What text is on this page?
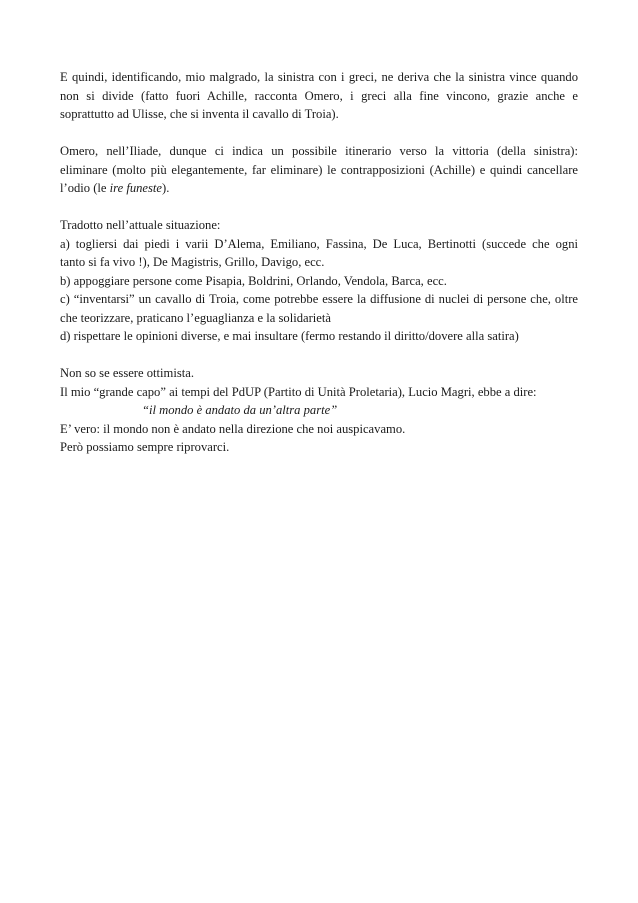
E quindi, identificando, mio malgrado, la sinistra con i greci, ne deriva che la sinistra vince quando
non si divide (fatto fuori Achille, racconta Omero, i greci alla fine vincono, grazie anche e
soprattutto ad Ulisse, che si inventa il cavallo di Troia).

Omero, nell’Iliade, dunque ci indica un possibile itinerario verso la vittoria (della sinistra):
eliminare (molto più elegantemente, far eliminare) le contrapposizioni (Achille) e quindi cancellare
l’odio (le ire funeste).

Tradotto nell’attuale situazione:
a) togliersi dai piedi i varii D’Alema, Emiliano, Fassina, De Luca, Bertinotti (succede che ogni
tanto si fa vivo !), De Magistris, Grillo, Davigo, ecc.
b) appoggiare persone come Pisapia, Boldrini, Orlando, Vendola, Barca, ecc.
c) “inventarsi” un cavallo di Troia, come potrebbe essere la diffusione di nuclei di persone che, oltre
che teorizzare, praticano l’eguaglianza e la solidarietà
d) rispettare le opinioni diverse, e mai insultare (fermo restando il diritto/dovere alla satira)

Non so se essere ottimista.
Il mio “grande capo” ai tempi del PdUP (Partito di Unità Proletaria), Lucio Magri, ebbe a dire:
“il mondo è andato da un’altra parte”
E’ vero: il mondo non è andato nella direzione che noi auspicavamo.
Però possiamo sempre riprovarci.
